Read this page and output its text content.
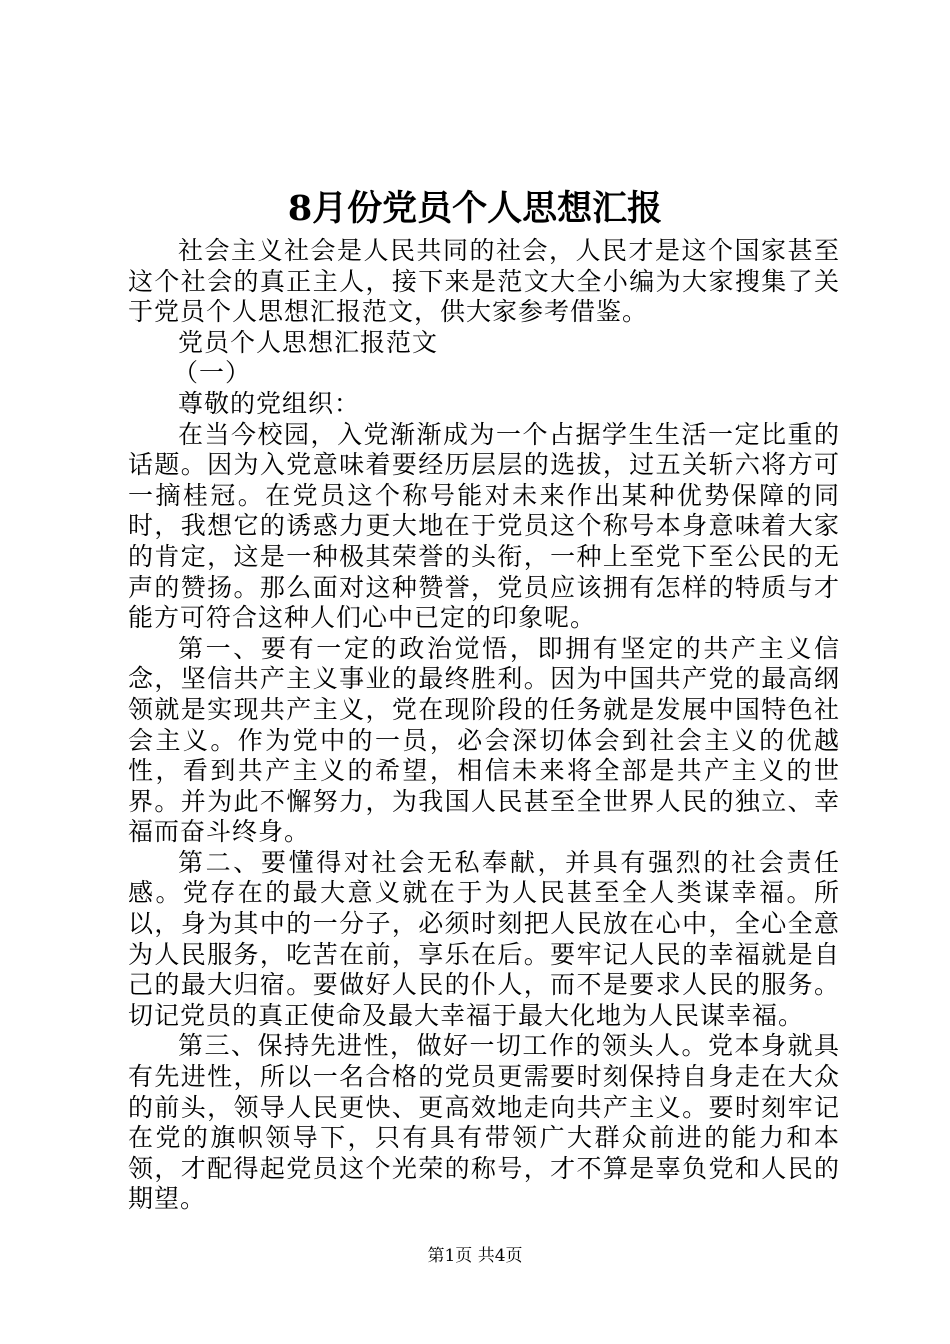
8月份党员个人思想汇报

社会主义社会是人民共同的社会，人民才是这个国家甚至这个社会的真正主人，接下来是范文大全小编为大家搜集了关于党员个人思想汇报范文，供大家参考借鉴。

党员个人思想汇报范文

（一）

尊敬的党组织：

在当今校园，入党渐渐成为一个占据学生生活一定比重的话题。因为入党意味着要经历层层的选拔，过五关斩六将方可一摘桂冠。在党员这个称号能对未来作出某种优势保障的同时，我想它的诱惑力更大地在于党员这个称号本身意味着大家的肯定，这是一种极其荣誉的头衔，一种上至党下至公民的无声的赞扬。那么面对这种赞誉，党员应该拥有怎样的特质与才能方可符合这种人们心中已定的印象呢。

第一、要有一定的政治觉悟，即拥有坚定的共产主义信念，坚信共产主义事业的最终胜利。因为中国共产党的最高纲领就是实现共产主义，党在现阶段的任务就是发展中国特色社会主义。作为党中的一员，必会深切体会到社会主义的优越性，看到共产主义的希望，相信未来将全部是共产主义的世界。并为此不懈努力，为我国人民甚至全世界人民的独立、幸福而奋斗终身。

第二、要懂得对社会无私奉献，并具有强烈的社会责任感。党存在的最大意义就在于为人民甚至全人类谋幸福。所以，身为其中的一分子，必须时刻把人民放在心中，全心全意为人民服务，吃苦在前，享乐在后。要牢记人民的幸福就是自己的最大归宿。要做好人民的仆人，而不是要求人民的服务。切记党员的真正使命及最大幸福于最大化地为人民谋幸福。

第三、保持先进性，做好一切工作的领头人。党本身就具有先进性，所以一名合格的党员更需要时刻保持自身走在大众的前头，领导人民更快、更高效地走向共产主义。要时刻牢记在党的旗帜领导下，只有具有带领广大群众前进的能力和本领，才配得起党员这个光荣的称号，才不算是辜负党和人民的期望。

第1页 共4页
